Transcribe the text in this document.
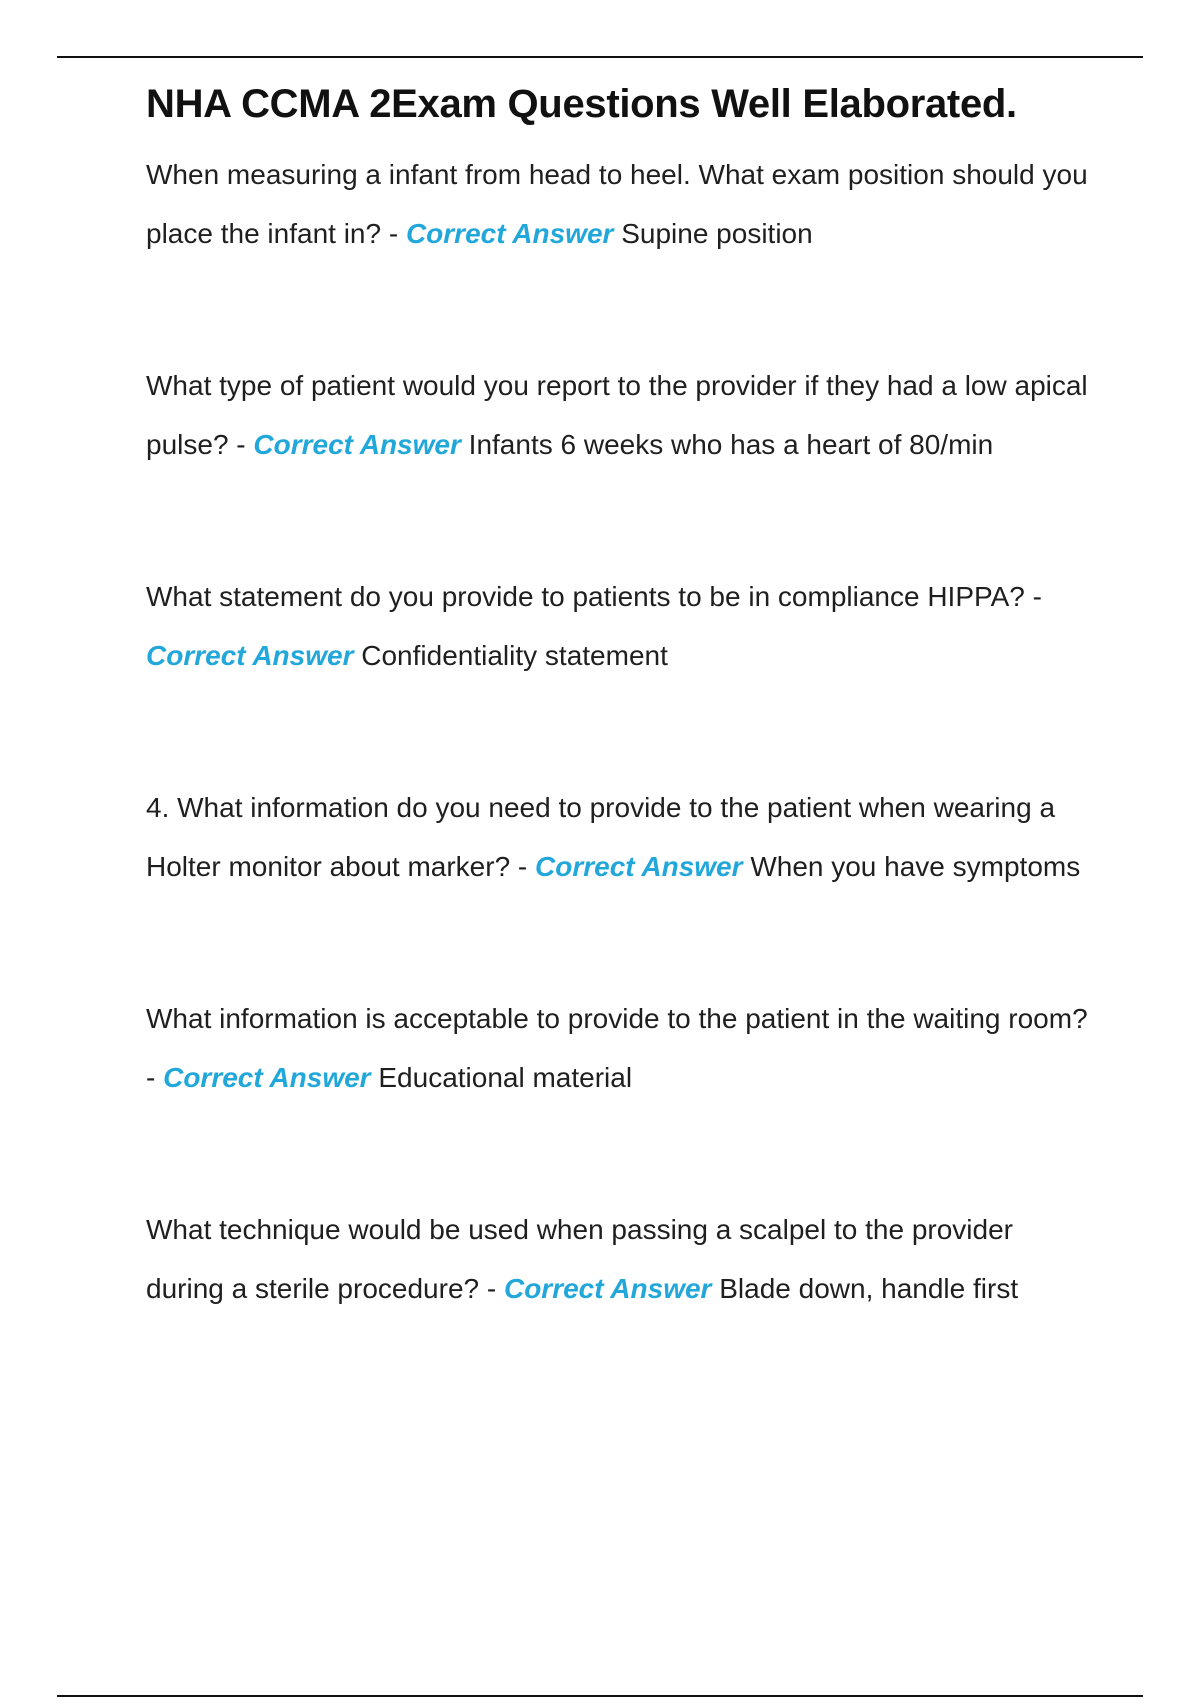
NHA CCMA 2Exam Questions Well Elaborated.

When measuring a infant from head to heel. What exam position should you place the infant in? - Correct Answer Supine position

What type of patient would you report to the provider if they had a low apical pulse? - Correct Answer Infants 6 weeks who has a heart of 80/min

What statement do you provide to patients to be in compliance HIPPA? - Correct Answer Confidentiality statement

4. What information do you need to provide to the patient when wearing a Holter monitor about marker? - Correct Answer When you have symptoms

What information is acceptable to provide to the patient in the waiting room? - Correct Answer Educational material

What technique would be used when passing a scalpel to the provider during a sterile procedure? - Correct Answer Blade down, handle first
